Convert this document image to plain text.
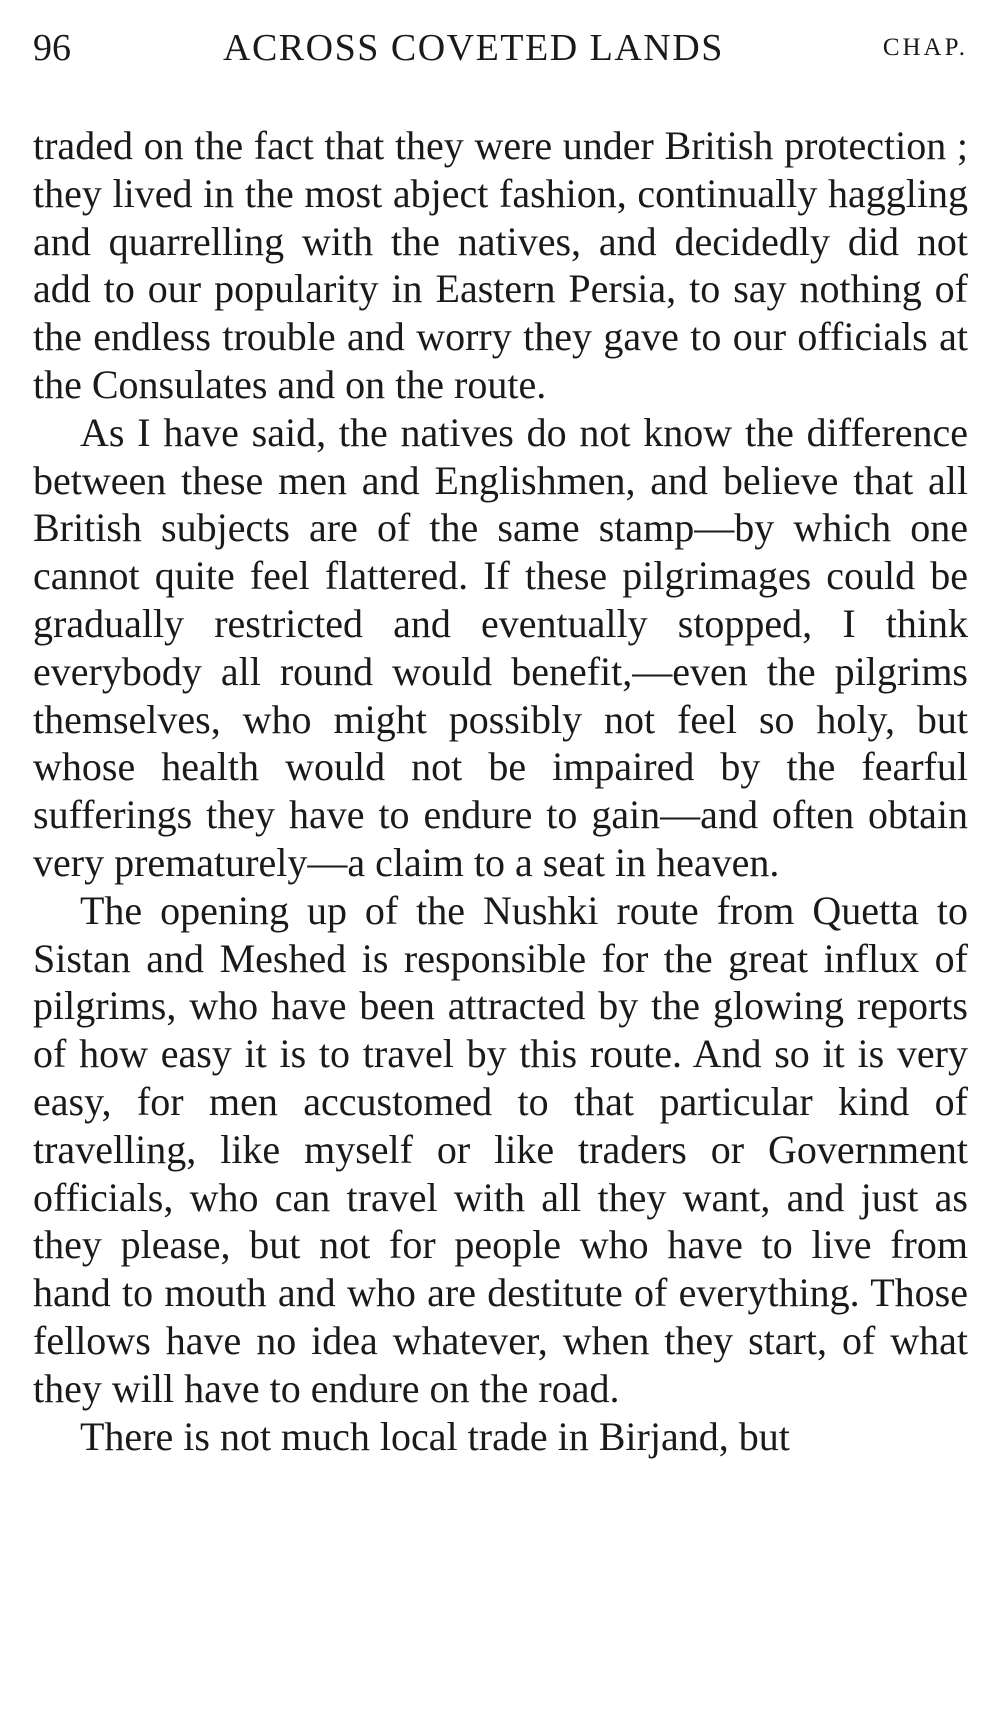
96	ACROSS COVETED LANDS	CHAP.

traded on the fact that they were under British protection ; they lived in the most abject fashion, continually haggling and quarrelling with the natives, and decidedly did not add to our popularity in Eastern Persia, to say nothing of the endless trouble and worry they gave to our officials at the Consulates and on the route.

As I have said, the natives do not know the difference between these men and Englishmen, and believe that all British subjects are of the same stamp—by which one cannot quite feel flattered. If these pilgrimages could be gradually restricted and eventually stopped, I think everybody all round would benefit,—even the pilgrims themselves, who might possibly not feel so holy, but whose health would not be impaired by the fearful sufferings they have to endure to gain—and often obtain very prematurely—a claim to a seat in heaven.

The opening up of the Nushki route from Quetta to Sistan and Meshed is responsible for the great influx of pilgrims, who have been attracted by the glowing reports of how easy it is to travel by this route. And so it is very easy, for men accustomed to that particular kind of travelling, like myself or like traders or Government officials, who can travel with all they want, and just as they please, but not for people who have to live from hand to mouth and who are destitute of everything. Those fellows have no idea whatever, when they start, of what they will have to endure on the road.

There is not much local trade in Birjand, but
